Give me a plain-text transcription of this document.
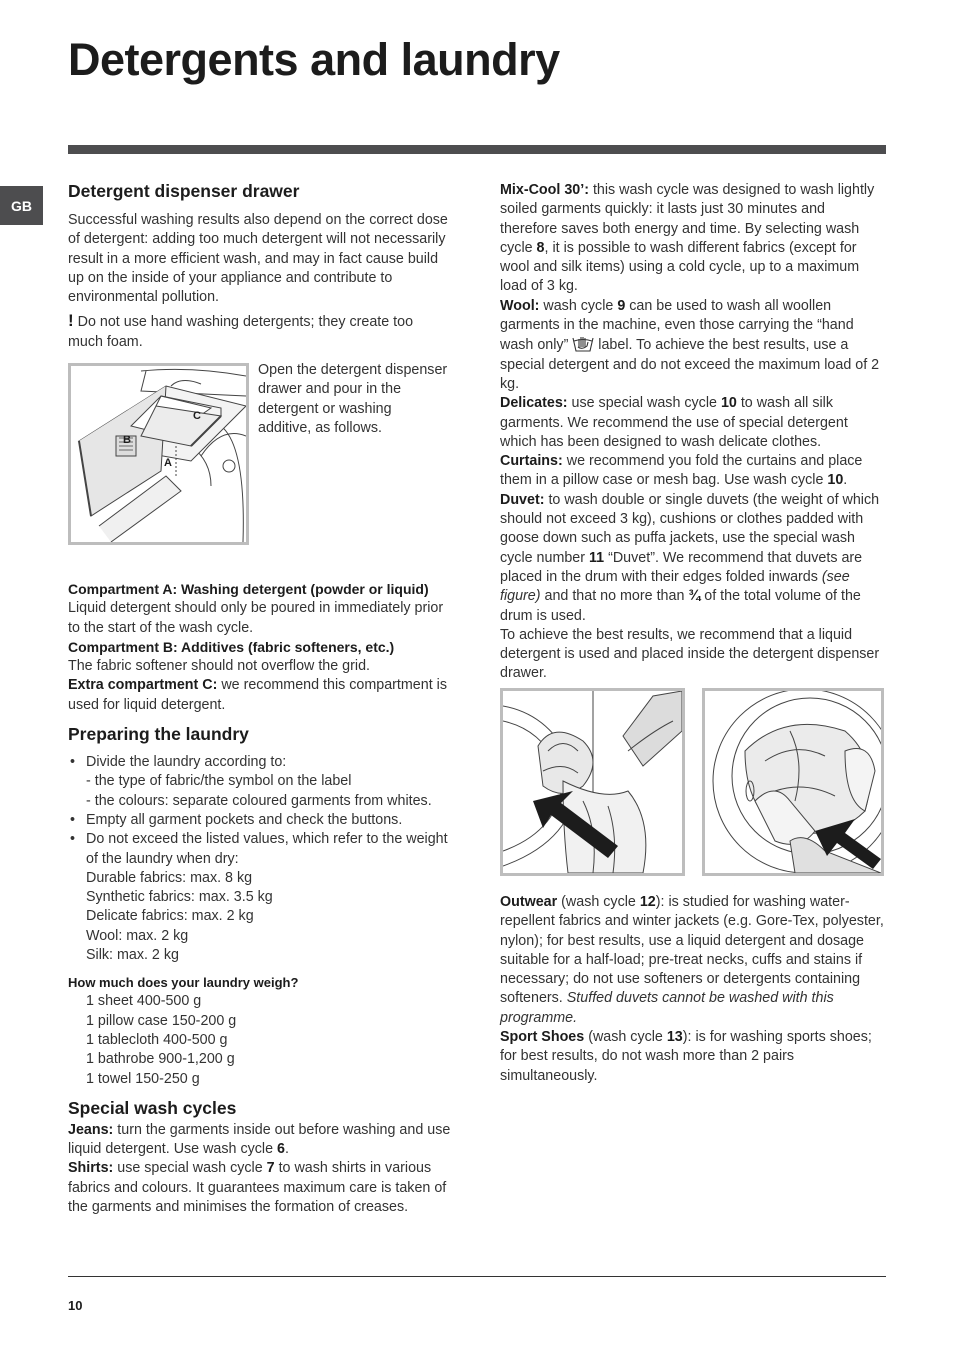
Detergents and laundry
GB
Detergent dispenser drawer

Successful washing results also depend on the correct dose of detergent: adding too much detergent will not necessarily result in a more efficient wash, and may in fact cause build up on the inside of your appliance and contribute to environmental pollution.

! Do not use hand washing detergents; they create too much foam.

C
B
A

Open the detergent dispenser drawer and pour in the detergent or washing additive, as follows.

Compartment A: Washing detergent (powder or liquid)

Liquid detergent should only be poured in immediately prior to the start of the wash cycle.

Compartment B: Additives (fabric softeners, etc.)

The fabric softener should not overflow the grid.

Extra compartment C: we recommend this compartment is used for liquid detergent.

Preparing the laundry
• Divide the laundry according to:
- the type of fabric/the symbol on the label
- the colours: separate coloured garments from whites.
• Empty all garment pockets and check the buttons.
• Do not exceed the listed values, which refer to the weight of the laundry when dry:
Durable fabrics: max. 8 kg
Synthetic fabrics: max. 3.5 kg
Delicate fabrics: max. 2 kg
Wool: max. 2 kg
Silk: max. 2 kg
How much does your laundry weigh?
1 sheet 400-500 g
1 pillow case 150-200 g
1 tablecloth 400-500 g
1 bathrobe 900-1,200 g
1 towel 150-250 g
Special wash cycles

Jeans: turn the garments inside out before washing and use liquid detergent. Use wash cycle 6.

Shirts: use special wash cycle 7 to wash shirts in various fabrics and colours. It guarantees maximum care is taken of the garments and minimises the formation of creases.

Mix-Cool 30’: this wash cycle was designed to wash lightly soiled garments quickly: it lasts just 30 minutes and therefore saves both energy and time. By selecting wash cycle 8, it is possible to wash different fabrics (except for wool and silk items) using a cold cycle, up to a maximum load of 3 kg.

Wool: wash cycle 9 can be used to wash all woollen garments in the machine, even those carrying the “hand wash only”  label. To achieve the best results, use a special detergent and do not exceed the maximum load of 2 kg.

Delicates: use special wash cycle 10 to wash all silk garments. We recommend the use of special detergent which has been designed to wash delicate clothes.

Curtains: we recommend you fold the curtains and place them in a pillow case or mesh bag. Use wash cycle 10.

Duvet: to wash double or single duvets (the weight of which should not exceed 3 kg), cushions or clothes padded with goose down such as puffa jackets, use the special wash cycle number 11 “Duvet”. We recommend that duvets are placed in the drum with their edges folded inwards (see figure) and that no more than ¾ of the total volume of the drum is used.

To achieve the best results, we recommend that a liquid detergent is used and placed inside the detergent dispenser drawer.

Outwear (wash cycle 12): is studied for washing water-repellent fabrics and winter jackets (e.g. Gore-Tex, polyester, nylon); for best results, use a liquid detergent and dosage suitable for a half-load; pre-treat necks, cuffs and stains if necessary; do not use softeners or detergents containing softeners. Stuffed duvets cannot be washed with this programme.

Sport Shoes (wash cycle 13): is for washing sports shoes; for best results, do not wash more than 2 pairs simultaneously.

10
